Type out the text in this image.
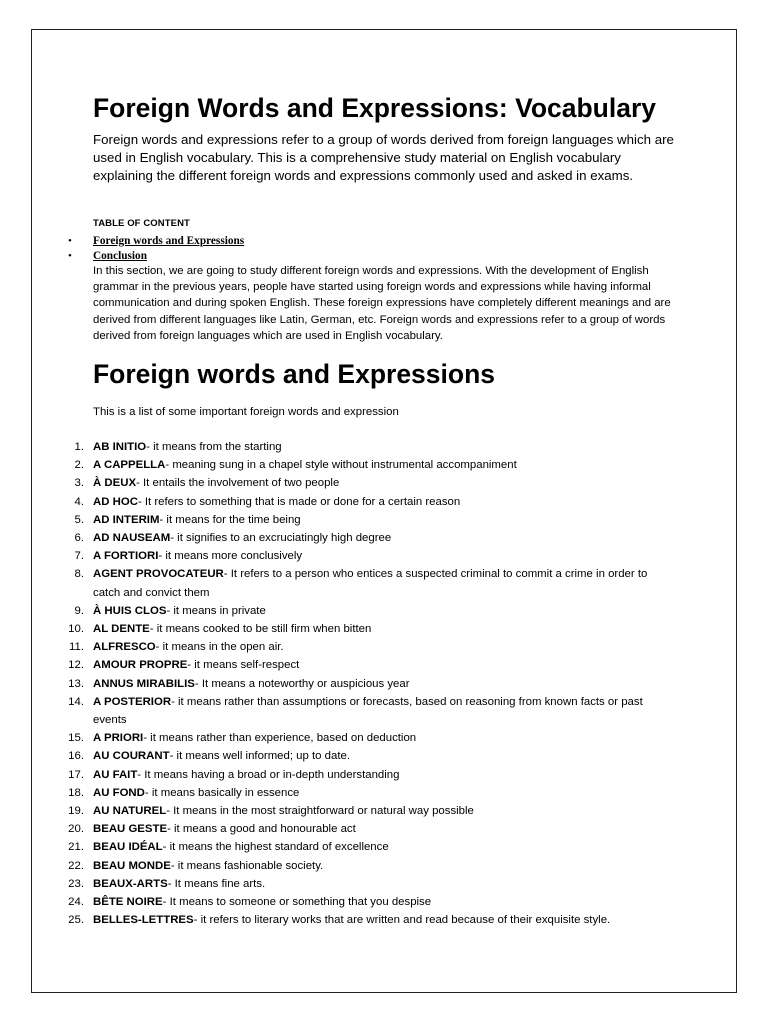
Foreign Words and Expressions: Vocabulary

Foreign words and expressions refer to a group of words derived from foreign languages which are used in English vocabulary. This is a comprehensive study material on English vocabulary explaining the different foreign words and expressions commonly used and asked in exams.

TABLE OF CONTENT

• Foreign words and Expressions
• Conclusion

In this section, we are going to study different foreign words and expressions. With the development of English grammar in the previous years, people have started using foreign words and expressions while having informal communication and during spoken English. These foreign expressions have completely different meanings and are derived from different languages like Latin, German, etc. Foreign words and expressions refer to a group of words derived from foreign languages which are used in English vocabulary.

Foreign words and Expressions

This is a list of some important foreign words and expression

1. AB INITIO- it means from the starting
2. A CAPPELLA- meaning sung in a chapel style without instrumental accompaniment
3. À DEUX- It entails the involvement of two people
4. AD HOC- It refers to something that is made or done for a certain reason
5. AD INTERIM- it means for the time being
6. AD NAUSEAM- it signifies to an excruciatingly high degree
7. A FORTIORI- it means more conclusively
8. AGENT PROVOCATEUR- It refers to a person who entices a suspected criminal to commit a crime in order to catch and convict them
9. À HUIS CLOS- it means in private
10. AL DENTE- it means cooked to be still firm when bitten
11. ALFRESCO- it means in the open air.
12. AMOUR PROPRE- it means self-respect
13. ANNUS MIRABILIS- It means a noteworthy or auspicious year
14. A POSTERIOR- it means rather than assumptions or forecasts, based on reasoning from known facts or past events
15. A PRIORI- it means rather than experience, based on deduction
16. AU COURANT- it means well informed; up to date.
17. AU FAIT- It means having a broad or in-depth understanding
18. AU FOND- it means basically in essence
19. AU NATUREL- It means in the most straightforward or natural way possible
20. BEAU GESTE- it means a good and honourable act
21. BEAU IDÉAL- it means the highest standard of excellence
22. BEAU MONDE- it means fashionable society.
23. BEAUX-ARTS- It means fine arts.
24. BÊTE NOIRE- It means to someone or something that you despise
25. BELLES-LETTRES- it refers to literary works that are written and read because of their exquisite style.
